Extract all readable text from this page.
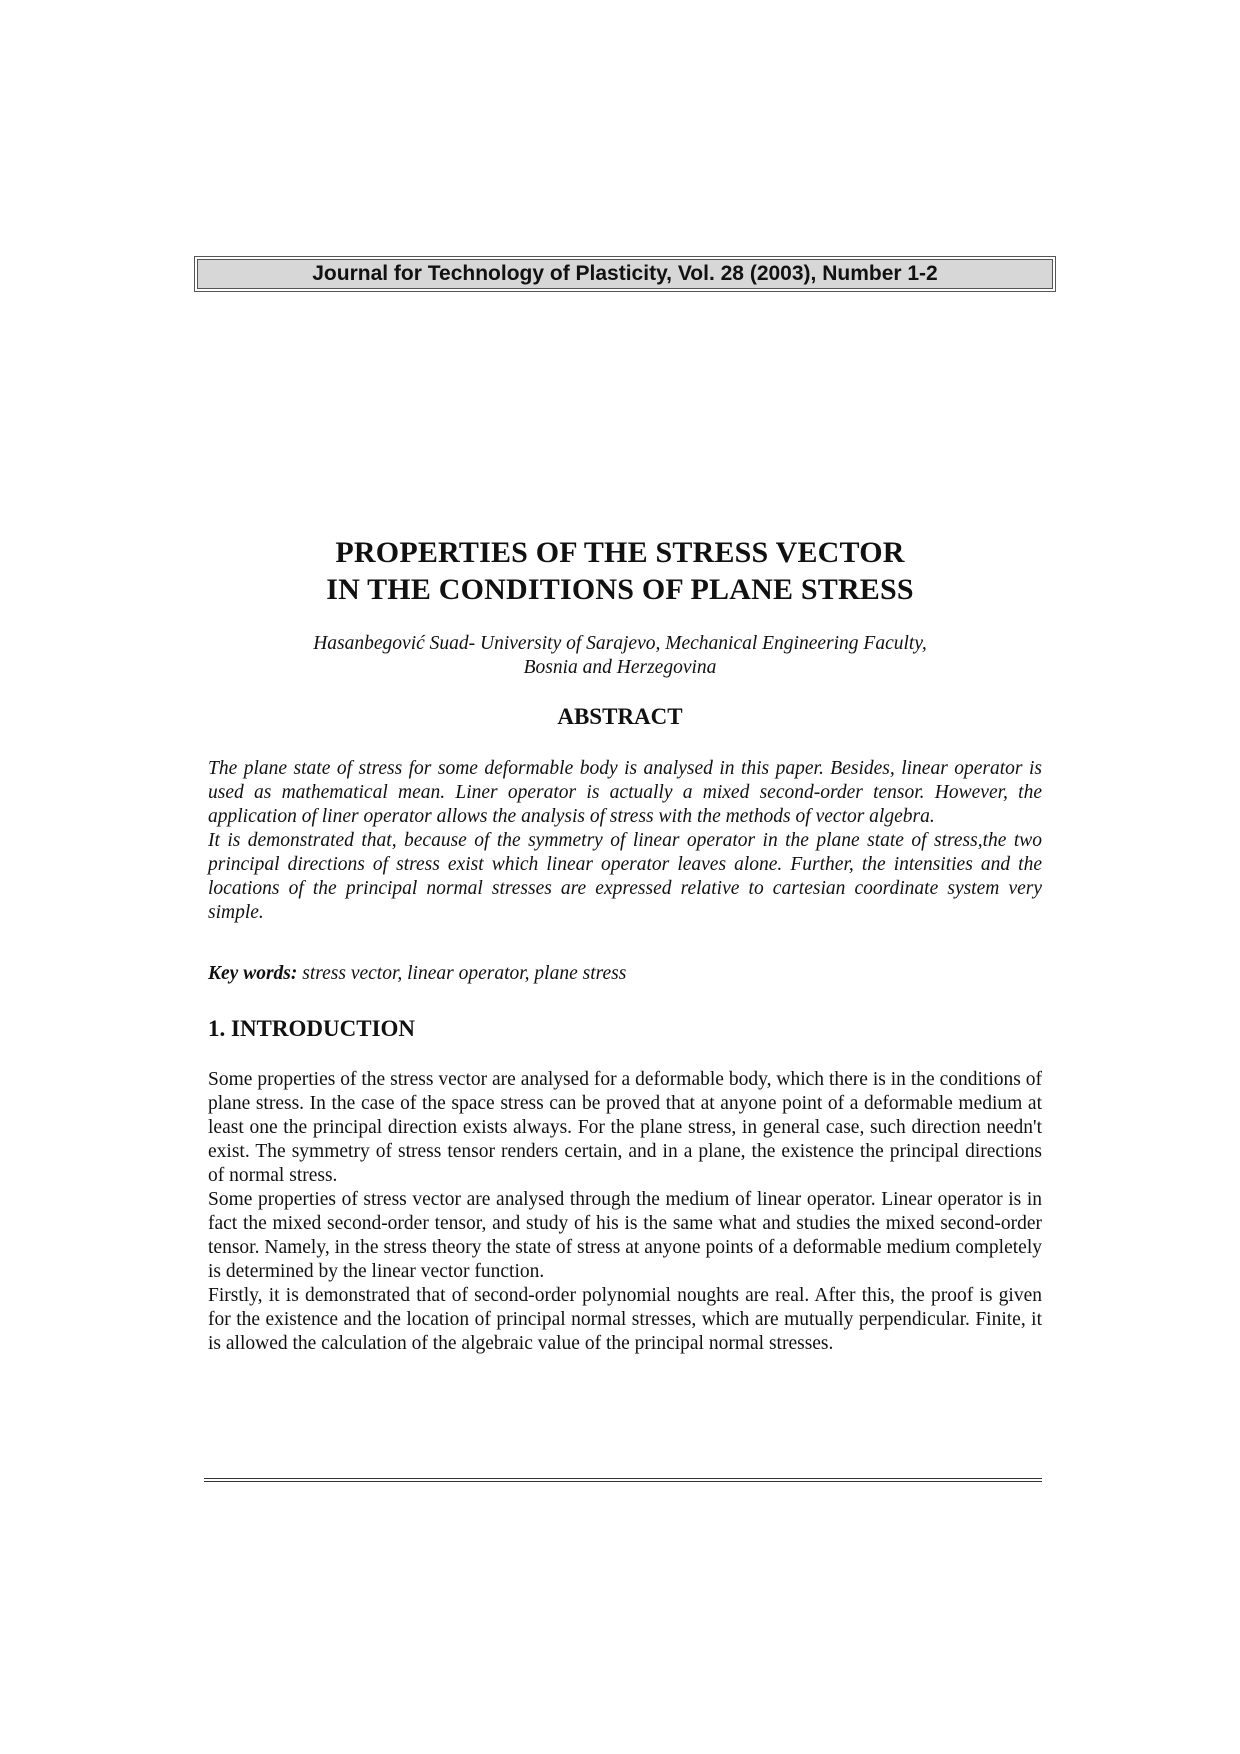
Journal for Technology of Plasticity, Vol. 28 (2003), Number 1-2
PROPERTIES OF THE STRESS VECTOR
IN THE CONDITIONS OF PLANE STRESS
Hasanbegović Suad- University of Sarajevo, Mechanical Engineering Faculty,
Bosnia and Herzegovina
ABSTRACT

The plane state of stress for some deformable body is analysed in this paper. Besides, linear operator is used as mathematical mean. Liner operator is actually a mixed second-order tensor. However, the application of liner operator allows the analysis of stress with the methods of vector algebra.

It is demonstrated that, because of the symmetry of linear operator in the plane state of stress,the two principal directions of stress exist which linear operator leaves alone. Further, the intensities and the locations of the principal normal stresses are expressed relative to cartesian coordinate system very simple.

Key words: stress vector, linear operator, plane stress
1. INTRODUCTION

Some properties of the stress vector are analysed for a deformable body, which there is in the conditions of plane stress. In the case of the space stress can be proved that at anyone point of a deformable medium at least one the principal direction exists always. For the plane stress, in general case, such direction needn't exist. The symmetry of stress tensor renders certain, and in a plane, the existence the principal directions of normal stress.

Some properties of stress vector are analysed through the medium of linear operator. Linear operator is in fact the mixed second-order tensor, and study of his is the same what and studies the mixed second-order tensor. Namely, in the stress theory the state of stress at anyone points of a deformable medium completely is determined by the linear vector function.

Firstly, it is demonstrated that of second-order polynomial noughts are real. After this, the proof is given for the existence and the location of principal normal stresses, which are mutually perpendicular. Finite, it is allowed the calculation of the algebraic value of the principal normal stresses.
